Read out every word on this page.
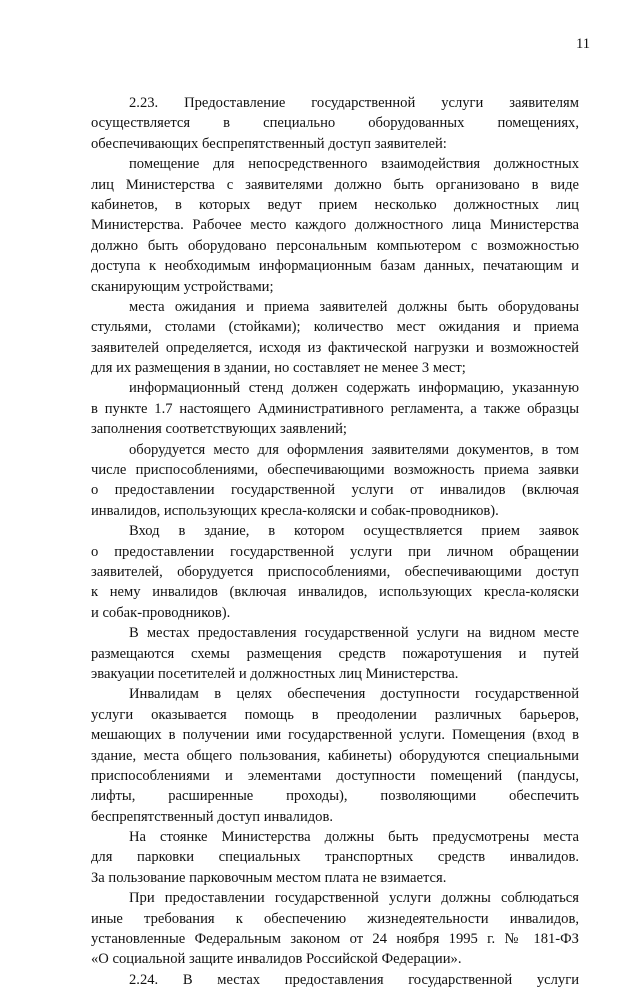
11
2.23. Предоставление государственной услуги заявителям
осуществляется в специально оборудованных помещениях,
обеспечивающих беспрепятственный доступ заявителей:
помещение для непосредственного взаимодействия должностных
лиц Министерства с заявителями должно быть организовано в виде
кабинетов, в которых ведут прием несколько должностных лиц
Министерства. Рабочее место каждого должностного лица Министерства
должно быть оборудовано персональным компьютером с возможностью
доступа к необходимым информационным базам данных, печатающим и
сканирующим устройствами;
места ожидания и приема заявителей должны быть оборудованы
стульями, столами (стойками); количество мест ожидания и приема
заявителей определяется, исходя из фактической нагрузки и возможностей
для их размещения в здании, но составляет не менее 3 мест;
информационный стенд должен содержать информацию, указанную
в пункте 1.7 настоящего Административного регламента, а также образцы
заполнения соответствующих заявлений;
оборудуется место для оформления заявителями документов, в том
числе приспособлениями, обеспечивающими возможность приема заявки
о предоставлении государственной услуги от инвалидов (включая
инвалидов, использующих кресла-коляски и собак-проводников).
Вход в здание, в котором осуществляется прием заявок
о предоставлении государственной услуги при личном обращении
заявителей, оборудуется приспособлениями, обеспечивающими доступ
к нему инвалидов (включая инвалидов, использующих кресла-коляски
и собак-проводников).
В местах предоставления государственной услуги на видном месте
размещаются схемы размещения средств пожаротушения и путей
эвакуации посетителей и должностных лиц Министерства.
Инвалидам в целях обеспечения доступности государственной
услуги оказывается помощь в преодолении различных барьеров,
мешающих в получении ими государственной услуги. Помещения (вход в
здание, места общего пользования, кабинеты) оборудуются специальными
приспособлениями и элементами доступности помещений (пандусы,
лифты, расширенные проходы), позволяющими обеспечить
беспрепятственный доступ инвалидов.
На стоянке Министерства должны быть предусмотрены места
для парковки специальных транспортных средств инвалидов.
За пользование парковочным местом плата не взимается.
При предоставлении государственной услуги должны соблюдаться
иные требования к обеспечению жизнедеятельности инвалидов,
установленные Федеральным законом от 24 ноября 1995 г. № 181-ФЗ
«О социальной защите инвалидов Российской Федерации».
2.24. В местах предоставления государственной услуги
